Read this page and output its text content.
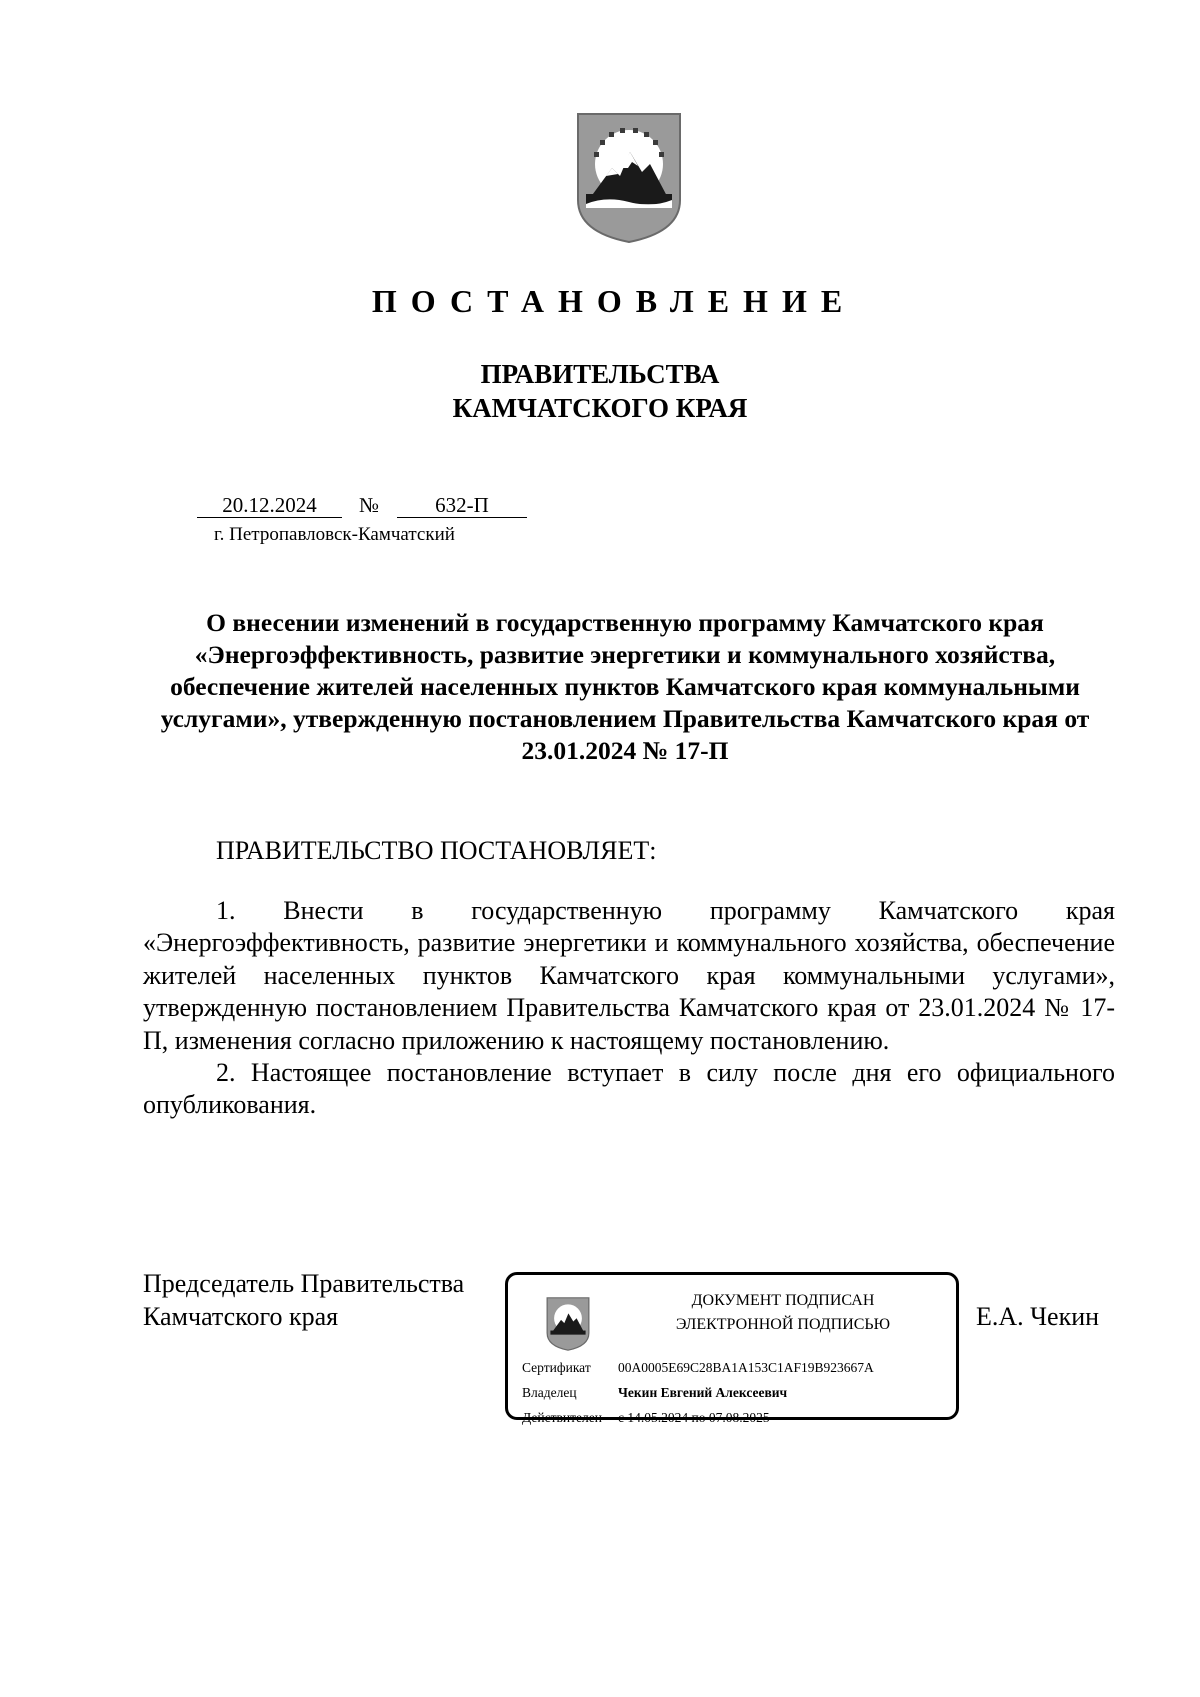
ПОСТАНОВЛЕНИЕ
ПРАВИТЕЛЬСТВА
КАМЧАТСКОГО КРАЯ
20.12.2024	№	632-П
г. Петропавловск-Камчатский
О внесении изменений в государственную программу Камчатского края «Энергоэффективность, развитие энергетики и коммунального хозяйства, обеспечение жителей населенных пунктов Камчатского края коммунальными услугами», утвержденную постановлением Правительства Камчатского края от 23.01.2024 № 17-П
ПРАВИТЕЛЬСТВО ПОСТАНОВЛЯЕТ:

1. Внести в государственную программу Камчатского края «Энергоэффективность, развитие энергетики и коммунального хозяйства, обеспечение жителей населенных пунктов Камчатского края коммунальными услугами», утвержденную постановлением Правительства Камчатского края от 23.01.2024 № 17-П, изменения согласно приложению к настоящему постановлению.

2. Настоящее постановление вступает в силу после дня его официального опубликования.

Председатель Правительства
Камчатского края
ДОКУМЕНТ ПОДПИСАН
ЭЛЕКТРОННОЙ ПОДПИСЬЮ
Сертификат 00A0005E69C28BA1A153C1AF19B923667A
Владелец	Чекин Евгений Алексеевич
Действителен с 14.05.2024 по 07.08.2025
Е.А. Чекин
